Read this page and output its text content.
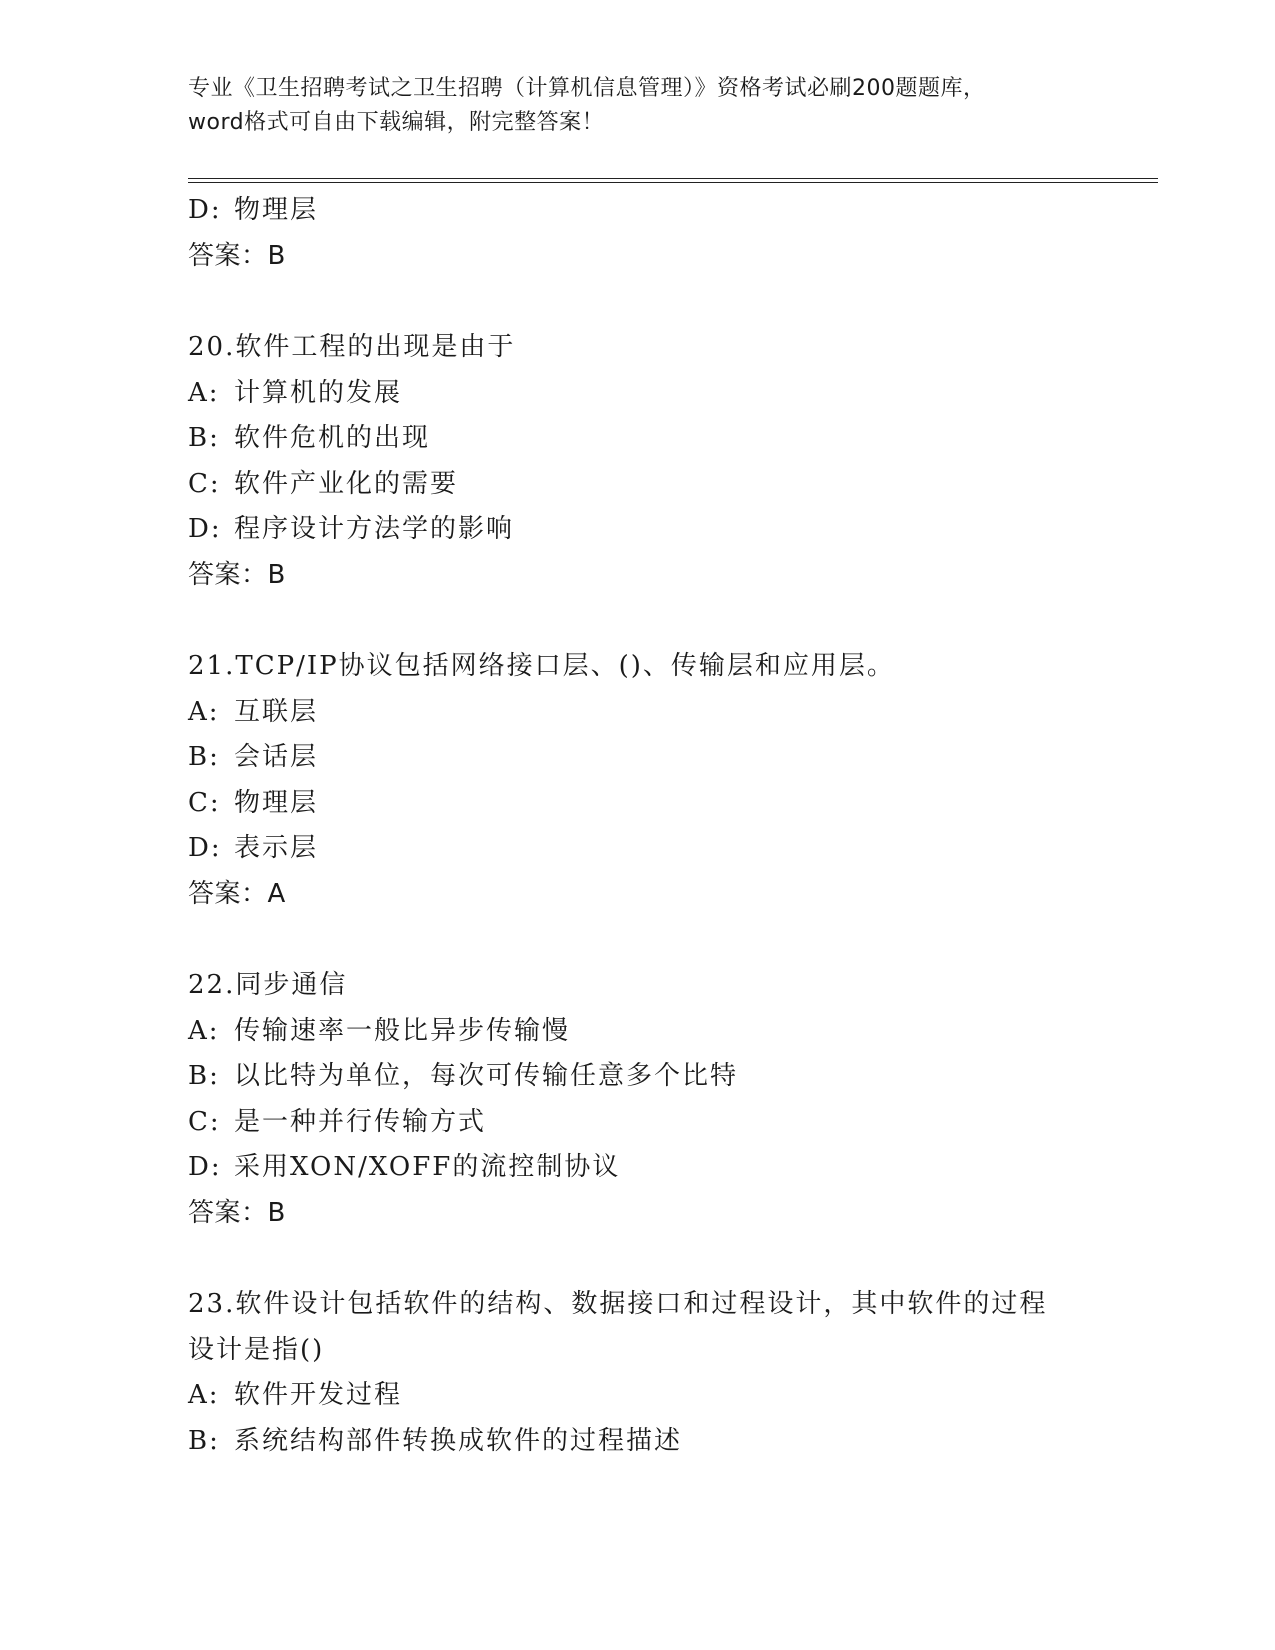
专业《卫生招聘考试之卫生招聘（计算机信息管理）》资格考试必刷200题题库，
word格式可自由下载编辑，附完整答案！
D: 物理层
答案：B
20.软件工程的出现是由于
A: 计算机的发展
B: 软件危机的出现
C: 软件产业化的需要
D: 程序设计方法学的影响
答案：B
21.TCP/IP协议包括网络接口层、()、传输层和应用层。
A: 互联层
B: 会话层
C: 物理层
D: 表示层
答案：A
22.同步通信
A: 传输速率一般比异步传输慢
B: 以比特为单位，每次可传输任意多个比特
C: 是一种并行传输方式
D: 采用XON/XOFF的流控制协议
答案：B
23.软件设计包括软件的结构、数据接口和过程设计，其中软件的过程设计是指()
A: 软件开发过程
B: 系统结构部件转换成软件的过程描述
